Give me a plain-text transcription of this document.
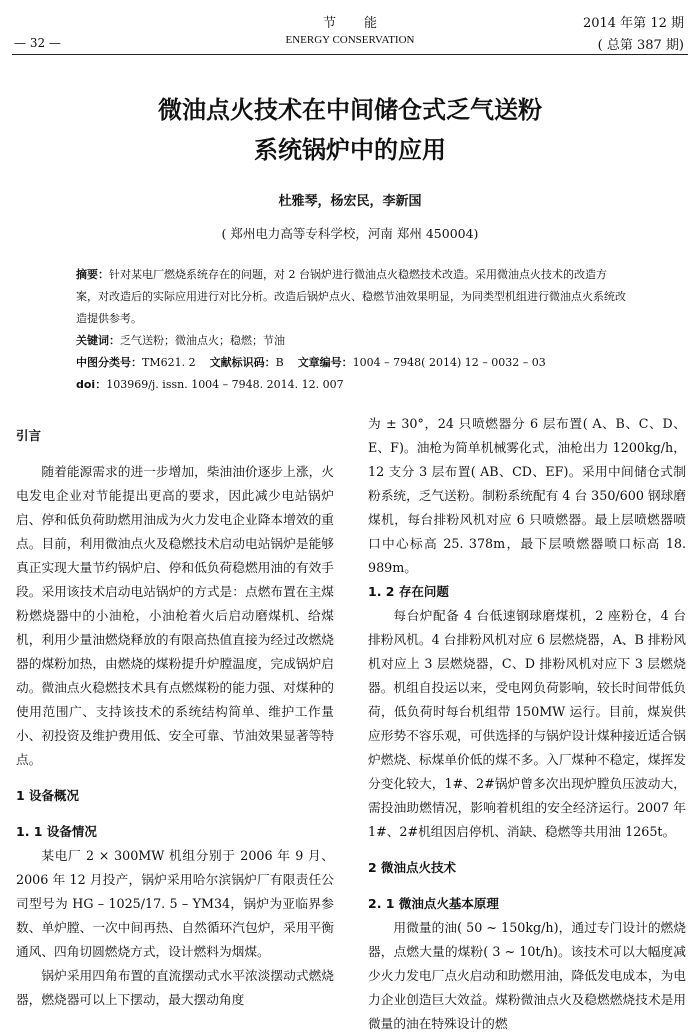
— 32 —
节能
ENERGY CONSERVATION
2014 年第 12 期
( 总第 387 期)
微油点火技术在中间储仓式乏气送粉
系统锅炉中的应用
杜雅琴，杨宏民，李新国
( 郑州电力高等专科学校，河南 郑州 450004)
摘要：针对某电厂燃烧系统存在的问题，对 2 台锅炉进行微油点火稳燃技术改造。采用微油点火技术的改造方案，对改造后的实际应用进行对比分析。改造后锅炉点火、稳燃节油效果明显，为同类型机组进行微油点火系统改造提供参考。
关键词：乏气送粉；微油点火；稳燃；节油
中图分类号：TM621. 2 文献标识码：B 文章编号：1004 – 7948( 2014) 12 – 0032 – 03
doi：103969/j. issn. 1004 – 7948. 2014. 12. 007
引言

随着能源需求的进一步增加，柴油油价逐步上涨，火电发电企业对节能提出更高的要求，因此减少电站锅炉启、停和低负荷助燃用油成为火力发电企业降本增效的重点。目前，利用微油点火及稳燃技术启动电站锅炉是能够真正实现大量节约锅炉启、停和低负荷稳燃用油的有效手段。采用该技术启动电站锅炉的方式是：点燃布置在主煤粉燃烧器中的小油枪，小油枪着火后启动磨煤机、给煤机，利用少量油燃烧释放的有限高热值直接为经过改燃烧器的煤粉加热，由燃烧的煤粉提升炉膛温度，完成锅炉启动。微油点火稳燃技术具有点燃煤粉的能力强、对煤种的使用范围广、支持该技术的系统结构简单、维护工作量小、初投资及维护费用低、安全可靠、节油效果显著等特点。

1 设备概况
1. 1 设备情况

某电厂 2 × 300MW 机组分别于 2006 年 9 月、2006 年 12 月投产，锅炉采用哈尔滨锅炉厂有限责任公司型号为 HG – 1025/17. 5 – YM34，锅炉为亚临界参数、单炉膛、一次中间再热、自然循环汽包炉，采用平衡通风、四角切圆燃烧方式，设计燃料为烟煤。

锅炉采用四角布置的直流摆动式水平浓淡摆动式燃烧器，燃烧器可以上下摆动，最大摆动角度

为 ± 30°，24 只喷燃器分 6 层布置( A、B、C、D、E、F)。油枪为简单机械雾化式，油枪出力 1200kg/h，12 支分 3 层布置( AB、CD、EF)。采用中间储仓式制粉系统，乏气送粉。制粉系统配有 4 台 350/600 钢球磨煤机，每台排粉风机对应 6 只喷燃器。最上层喷燃器喷口中心标高 25. 378m，最下层喷燃器喷口标高 18. 989m。

1. 2 存在问题

每台炉配备 4 台低速钢球磨煤机，2 座粉仓，4 台排粉风机。4 台排粉风机对应 6 层燃烧器，A、B 排粉风机对应上 3 层燃烧器，C、D 排粉风机对应下 3 层燃烧器。机组自投运以来，受电网负荷影响，较长时间带低负荷，低负荷时每台机组带 150MW 运行。目前，煤炭供应形势不容乐观，可供选择的与锅炉设计煤种接近适合锅炉燃烧、标煤单价低的煤不多。入厂煤种不稳定，煤挥发分变化较大，1#、2#锅炉曾多次出现炉膛负压波动大，需投油助燃情况，影响着机组的安全经济运行。2007 年 1#、2#机组因启停机、消缺、稳燃等共用油 1265t。

2 微油点火技术
2. 1 微油点火基本原理

用微量的油( 50 ~ 150kg/h)，通过专门设计的燃烧器，点燃大量的煤粉( 3 ~ 10t/h)。该技术可以大幅度减少火力发电厂点火启动和助燃用油，降低发电成本，为电力企业创造巨大效益。煤粉微油点火及稳燃燃烧技术是用微量的油在特殊设计的燃
